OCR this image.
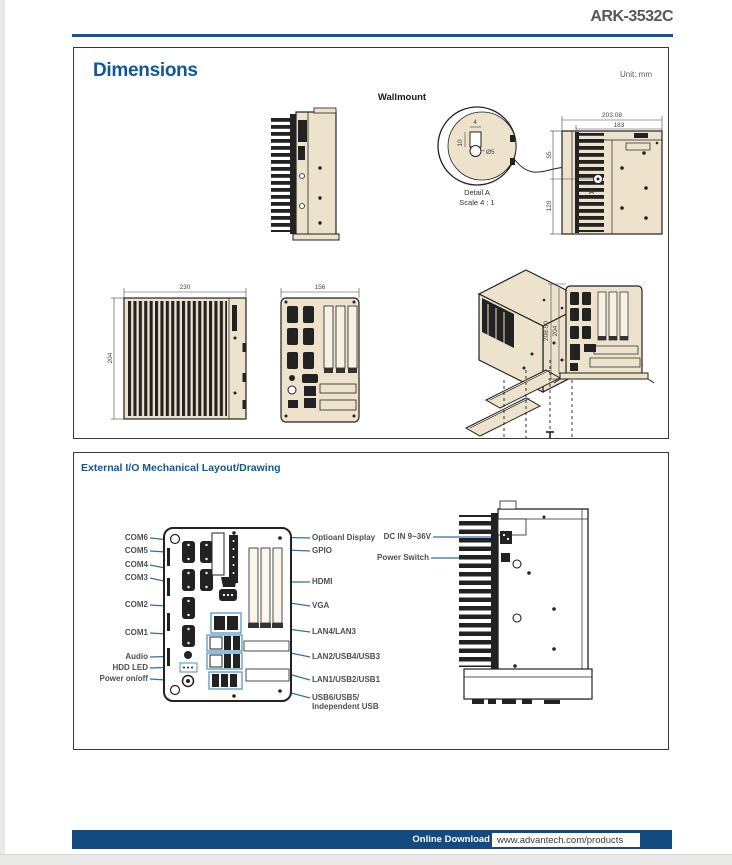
ARK-3532C
Dimensions	Unit: mm
Wallmount
4
10
Ø5
Detail A
Scale 4 : 1
A
203.08
183
55
120
230
204
156
208.50 204
External I/O Mechanical Layout/Drawing
COM6
COM5
COM4
COM3
COM2
COM1
Audio
HDD LED
Power on/off
Optioanl Display
GPIO
HDMI
VGA
LAN4/LAN3
LAN2/USB4/USB3
LAN1/USB2/USB1
USB6/USB5/
Independent USB
DC IN 9~36V
Power Switch
Online Download www.advantech.com/products
